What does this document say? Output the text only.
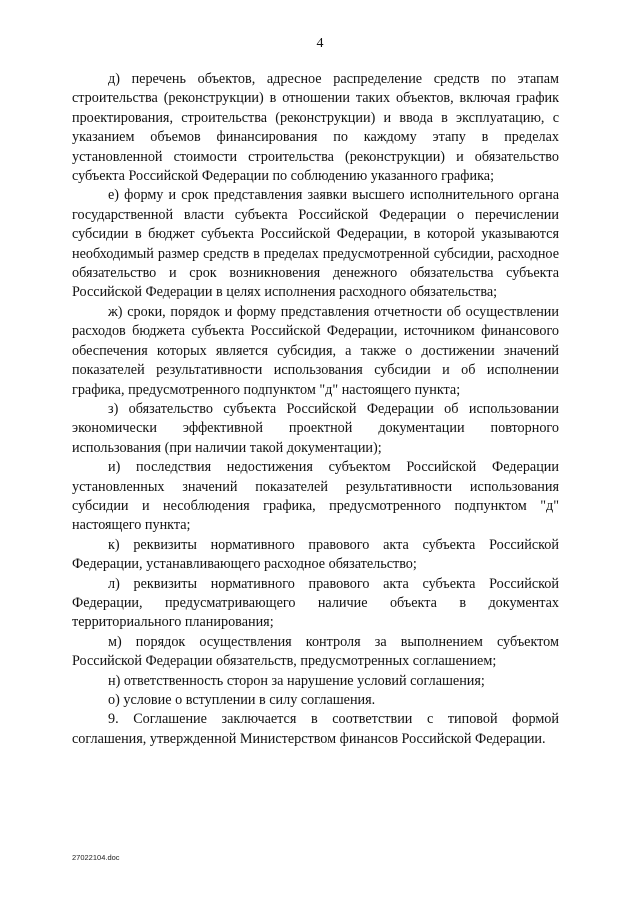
4

д) перечень объектов, адресное распределение средств по этапам строительства (реконструкции) в отношении таких объектов, включая график проектирования, строительства (реконструкции) и ввода в эксплуатацию, с указанием объемов финансирования по каждому этапу в пределах установленной стоимости строительства (реконструкции) и обязательство субъекта Российской Федерации по соблюдению указанного графика;

е) форму и срок представления заявки высшего исполнительного органа государственной власти субъекта Российской Федерации о перечислении субсидии в бюджет субъекта Российской Федерации, в которой указываются необходимый размер средств в пределах предусмотренной субсидии, расходное обязательство и срок возникновения денежного обязательства субъекта Российской Федерации в целях исполнения расходного обязательства;

ж) сроки, порядок и форму представления отчетности об осуществлении расходов бюджета субъекта Российской Федерации, источником финансового обеспечения которых является субсидия, а также о достижении значений показателей результативности использования субсидии и об исполнении графика, предусмотренного подпунктом "д" настоящего пункта;

з) обязательство субъекта Российской Федерации об использовании экономически эффективной проектной документации повторного использования (при наличии такой документации);

и) последствия недостижения субъектом Российской Федерации установленных значений показателей результативности использования субсидии и несоблюдения графика, предусмотренного подпунктом "д" настоящего пункта;

к) реквизиты нормативного правового акта субъекта Российской Федерации, устанавливающего расходное обязательство;

л) реквизиты нормативного правового акта субъекта Российской Федерации, предусматривающего наличие объекта в документах территориального планирования;

м) порядок осуществления контроля за выполнением субъектом Российской Федерации обязательств, предусмотренных соглашением;

н) ответственность сторон за нарушение условий соглашения;

о) условие о вступлении в силу соглашения.

9. Соглашение заключается в соответствии с типовой формой соглашения, утвержденной Министерством финансов Российской Федерации.

27022104.doc
